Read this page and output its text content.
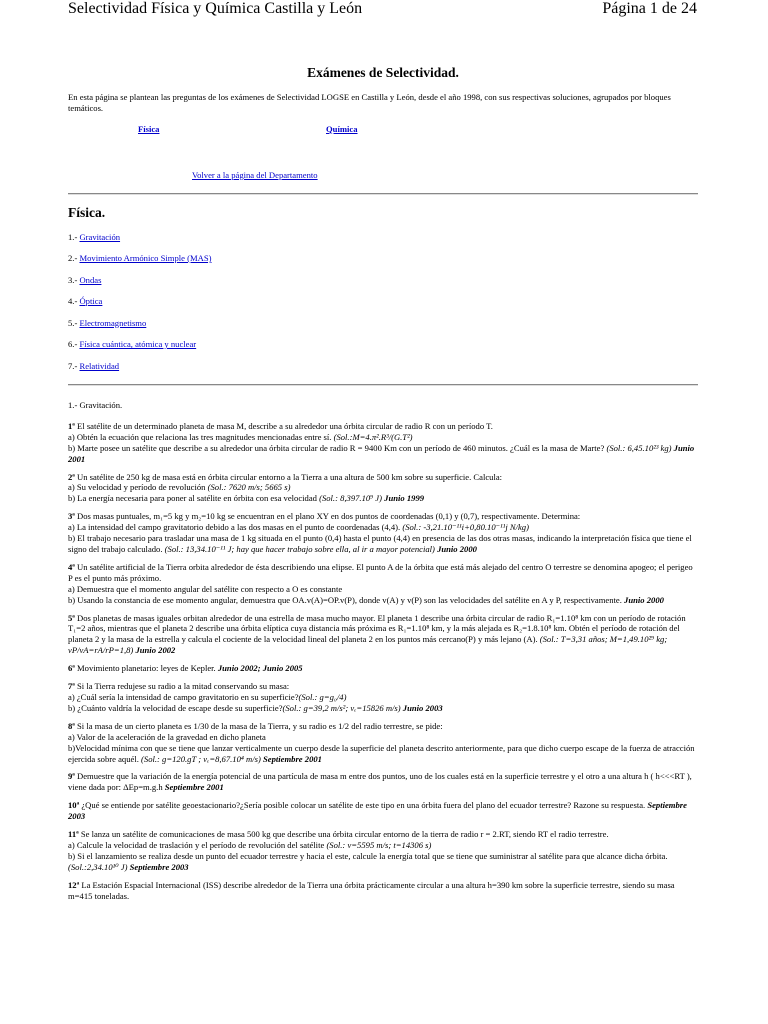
Selectividad Física y Química Castilla y León	Página 1 de 24
Exámenes de Selectividad.

En esta página se plantean las preguntas de los exámenes de Selectividad LOGSE en Castilla y León, desde el año 1998, con sus respectivas soluciones, agrupados por bloques temáticos.

Física	Química
Volver a la página del Departamento
Física.
1.- Gravitación
2.- Movimiento Armónico Simple (MAS)
3.- Ondas
4.- Óptica
5.- Electromagnetismo
6.- Física cuántica, atómica y nuclear
7.- Relatividad

1.- Gravitación.

1ª El satélite de un determinado planeta de masa M, describe a su alrededor una órbita circular de radio R con un período T.

a) Obtén la ecuación que relaciona las tres magnitudes mencionadas entre sí. (Sol.:M=4.π².R³/(G.T²)

b) Marte posee un satélite que describe a su alrededor una órbita circular de radio R = 9400 Km con un período de 460 minutos. ¿Cuál es la masa de Marte? (Sol.: 6,45.10²³ kg) Junio 2001

2ª Un satélite de 250 kg de masa está en órbita circular entorno a la Tierra a una altura de 500 km sobre su superficie. Calcula:

a) Su velocidad y período de revolución (Sol.: 7620 m/s; 5665 s)

b) La energía necesaria para poner al satélite en órbita con esa velocidad (Sol.: 8,397.10⁹ J) Junio 1999

3ª Dos masas puntuales, m₁=5 kg y m₂=10 kg se encuentran en el plano XY en dos puntos de coordenadas (0,1) y (0,7), respectivamente. Determina:

a) La intensidad del campo gravitatorio debido a las dos masas en el punto de coordenadas (4,4). (Sol.: -3,21.10⁻¹¹i+0,80.10⁻¹¹j N/kg)

b) El trabajo necesario para trasladar una masa de 1 kg situada en el punto (0,4) hasta el punto (4,4) en presencia de las dos otras masas, indicando la interpretación física que tiene el signo del trabajo calculado. (Sol.: 13,34.10⁻¹¹ J; hay que hacer trabajo sobre ella, al ir a mayor potencial) Junio 2000

4ª Un satélite artificial de la Tierra orbita alrededor de ésta describiendo una elipse. El punto A de la órbita que está más alejado del centro O terrestre se denomina apogeo; el perigeo P es el punto más próximo.

a) Demuestra que el momento angular del satélite con respecto a O es constante

b) Usando la constancia de ese momento angular, demuestra que OA.v(A)=OP.v(P), donde v(A) y v(P) son las velocidades del satélite en A y P, respectivamente. Junio 2000

5ª Dos planetas de masas iguales orbitan alrededor de una estrella de masa mucho mayor. El planeta 1 describe una órbita circular de radio R₁=1.10⁸ km con un período de rotación T₁=2 años, mientras que el planeta 2 describe una órbita elíptica cuya distancia más próxima es R₁=1.10⁸ km, y la más alejada es R₂=1.8.10⁸ km. Obtén el período de rotación del planeta 2 y la masa de la estrella y calcula el cociente de la velocidad lineal del planeta 2 en los puntos más cercano(P) y más lejano (A). (Sol.: T=3,31 años; M=1,49.10²⁹ kg; vP/vA=rA/rP=1,8) Junio 2002

6ª Movimiento planetario: leyes de Kepler. Junio 2002; Junio 2005

7ª Si la Tierra redujese su radio a la mitad conservando su masa:

a) ¿Cuál sería la intensidad de campo gravitatorio en su superficie?(Sol.: g=g₀/4)

b) ¿Cuánto valdría la velocidad de escape desde su superficie?(Sol.: g=39,2 m/s²; vₑ=15826 m/s) Junio 2003

8ª Si la masa de un cierto planeta es 1/30 de la masa de la Tierra, y su radio es 1/2 del radio terrestre, se pide:

a) Valor de la aceleración de la gravedad en dicho planeta

b)Velocidad mínima con que se tiene que lanzar verticalmente un cuerpo desde la superficie del planeta descrito anteriormente, para que dicho cuerpo escape de la fuerza de atracción ejercida sobre aquél. (Sol.: g=120.gT ; vₑ=8,67.10⁴ m/s) Septiembre 2001

9ª Demuestre que la variación de la energía potencial de una partícula de masa m entre dos puntos, uno de los cuales está en la superficie terrestre y el otro a una altura h ( h<<<RT ), viene dada por: ΔEp=m.g.h Septiembre 2001

10ª ¿Qué se entiende por satélite geoestacionario?¿Sería posible colocar un satélite de este tipo en una órbita fuera del plano del ecuador terrestre? Razone su respuesta. Septiembre 2003

11ª Se lanza un satélite de comunicaciones de masa 500 kg que describe una órbita circular entorno de la tierra de radio r = 2.RT, siendo RT el radio terrestre.

a) Calcule la velocidad de traslación y el período de revolución del satélite (Sol.: v=5595 m/s; t=14306 s)

b) Si el lanzamiento se realiza desde un punto del ecuador terrestre y hacia el este, calcule la energía total que se tiene que suministrar al satélite para que alcance dicha órbita. (Sol.:2,34.10¹⁰ J) Septiembre 2003

12ª La Estación Espacial Internacional (ISS) describe alrededor de la Tierra una órbita prácticamente circular a una altura h=390 km sobre la superficie terrestre, siendo su masa m=415 toneladas.
